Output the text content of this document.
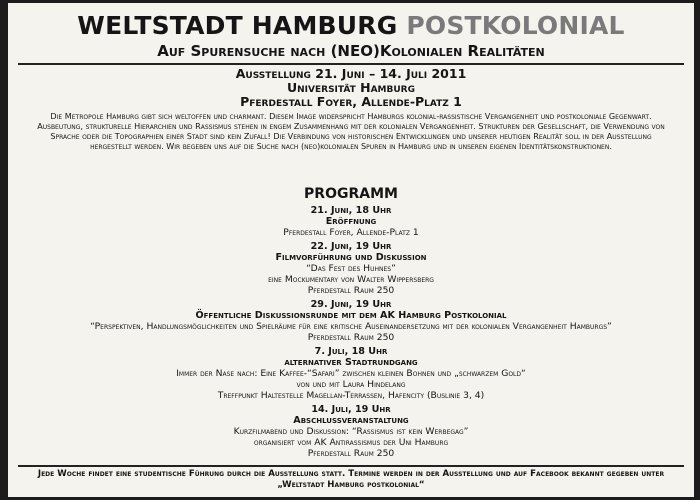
WELTSTADT HAMBURG POSTKOLONIAL
Auf Spurensuche nach (NEO)Kolonialen Realitäten
Ausstellung 21. Juni – 14. Juli 2011
Universität Hamburg
Pferdestall Foyer, Allende-Platz 1
Die Metropole Hamburg gibt sich weltoffen und charmant. Diesem Image widerspricht Hamburgs kolonial-rassistische Vergangenheit und postkoloniale Gegenwart. Ausbeutung, strukturelle Hierarchien und Rassismus stehen in engem Zusammenhang mit der kolonialen Vergangenheit. Strukturen der Gesellschaft, die Verwendung von Sprache oder die Topographien einer Stadt sind kein Zufall! Die Verbindung von historischen Entwicklungen und unserer heutigen Realität soll in der Ausstellung hergestellt werden. Wir begeben uns auf die Suche nach (neo)kolonialen Spuren in Hamburg und in unseren eigenen Identitätskonstruktionen.
PROGRAMM
21. Juni, 18 Uhr
Eröffnung
Pferdestall Foyer, Allende-Platz 1
22. Juni, 19 Uhr
Filmvorführung und Diskussion
“Das Fest des Huhnes”
eine Mockumentary von Walter Wippersberg
Pferdestall Raum 250
29. Juni, 19 Uhr
Öffentliche Diskussionsrunde mit dem AK Hamburg Postkolonial
“Perspektiven, Handlungsmöglichkeiten und Spielräume für eine kritische Auseinandersetzung mit der kolonialen Vergangenheit Hamburgs”
Pferdestall Raum 250
7. Juli, 18 Uhr
alternativer Stadtrundgang
Immer der Nase nach: Eine Kaffee-“Safari” zwischen kleinen Bohnen und „schwarzem Gold“
von und mit Laura Hindelang
Treffpunkt Haltestelle Magellan-Terrassen, Hafencity (Buslinie 3, 4)
14. Juli, 19 Uhr
Abschlussveranstaltung
Kurzfilmabend und Diskussion: “Rassismus ist kein Werbegag”
organisiert vom AK Antirassismus der Uni Hamburg
Pferdestall Raum 250
Jede Woche findet eine studentische Führung durch die Ausstellung statt. Termine werden in der Ausstellung und auf Facebook bekannt gegeben unter „Weltstadt Hamburg postkolonial“
